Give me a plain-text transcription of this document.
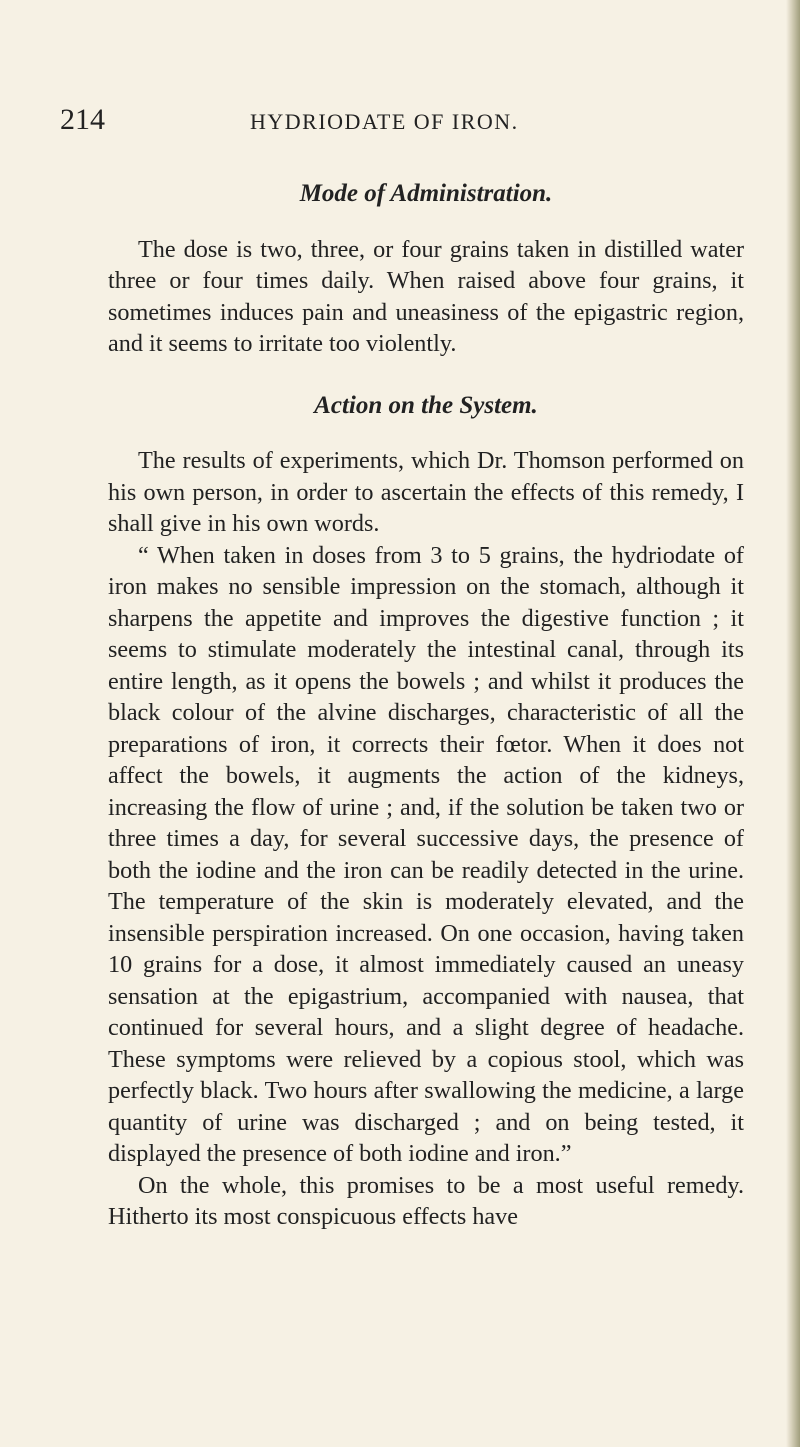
214	HYDRIODATE OF IRON.
Mode of Administration.

The dose is two, three, or four grains taken in distilled water three or four times daily. When raised above four grains, it sometimes induces pain and uneasiness of the epigastric region, and it seems to irritate too violently.

Action on the System.

The results of experiments, which Dr. Thomson performed on his own person, in order to ascertain the effects of this remedy, I shall give in his own words.

“ When taken in doses from 3 to 5 grains, the hydriodate of iron makes no sensible impression on the stomach, although it sharpens the appetite and improves the digestive function ; it seems to stimulate moderately the intestinal canal, through its entire length, as it opens the bowels ; and whilst it produces the black colour of the alvine discharges, characteristic of all the preparations of iron, it corrects their fœtor. When it does not affect the bowels, it augments the action of the kidneys, increasing the flow of urine ; and, if the solution be taken two or three times a day, for several successive days, the presence of both the iodine and the iron can be readily detected in the urine. The temperature of the skin is moderately elevated, and the insensible perspiration increased. On one occasion, having taken 10 grains for a dose, it almost immediately caused an uneasy sensation at the epigastrium, accompanied with nausea, that continued for several hours, and a slight degree of headache. These symptoms were relieved by a copious stool, which was perfectly black. Two hours after swallowing the medicine, a large quantity of urine was discharged ; and on being tested, it displayed the presence of both iodine and iron.”

On the whole, this promises to be a most useful remedy. Hitherto its most conspicuous effects have
